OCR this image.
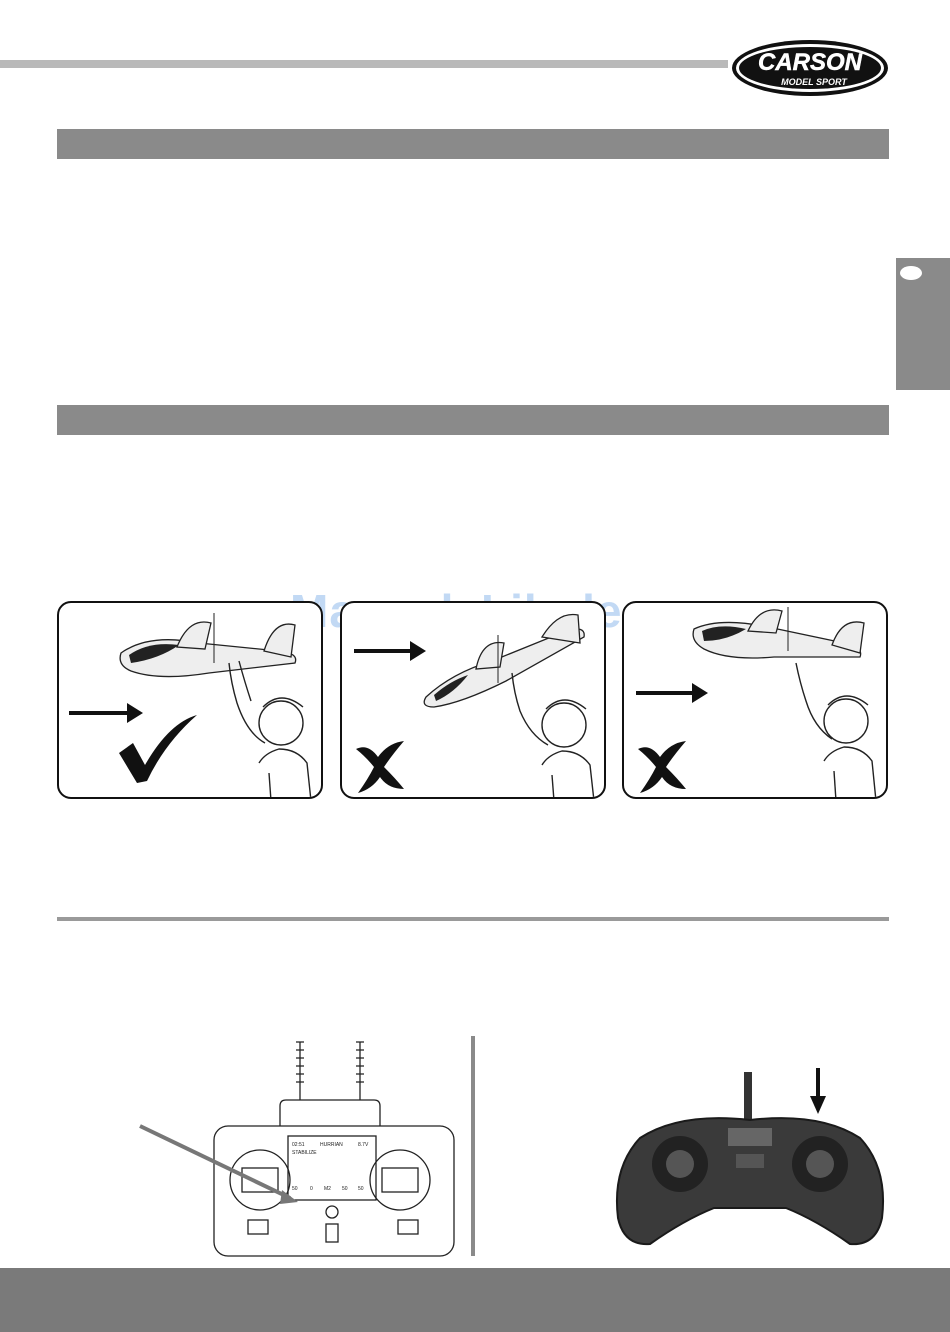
CARSON
MODEL SPORT
02:51	HURRIAN	8.7V
STABILIZE
50 0 M2 50 50
